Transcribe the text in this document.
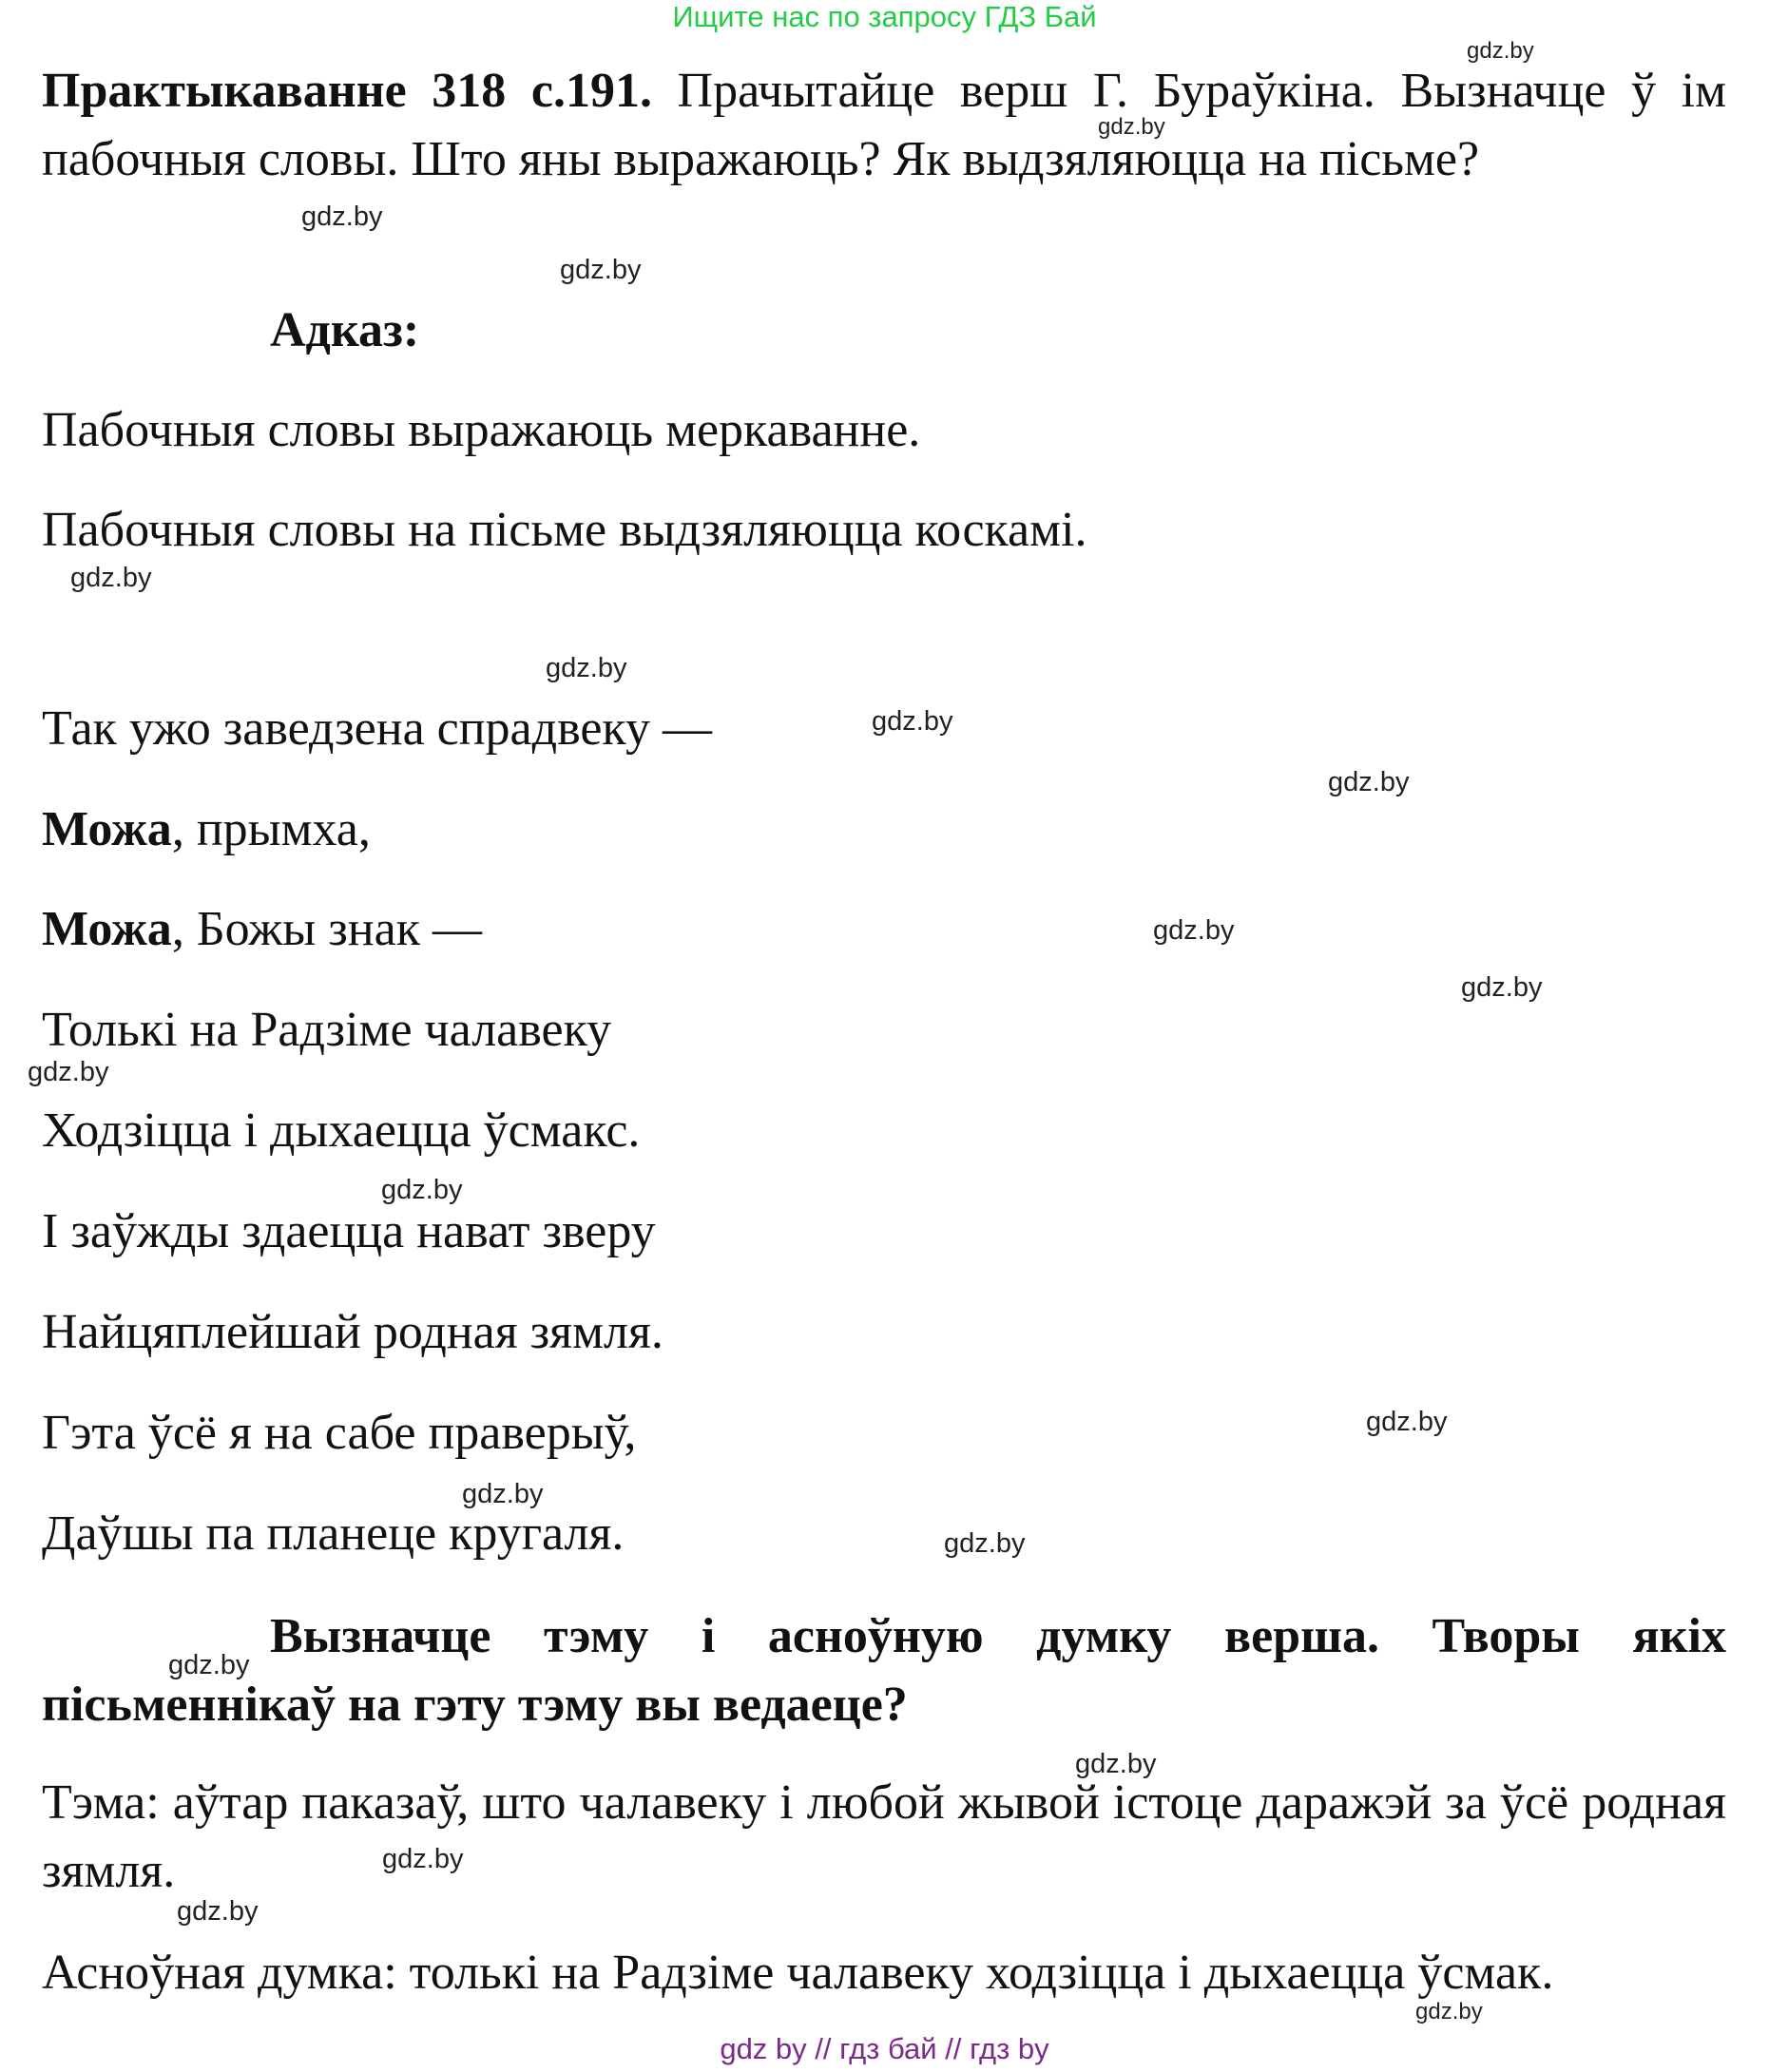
Ищите нас по запросу ГДЗ Бай
Практыкаванне 318 с.191. Прачытайце верш Г. Бураўкіна. Вызначце ў ім пабочныя словы. Што яны выражаюць? Як выдзяляюцца на пісьме?
Адказ:
Пабочныя словы выражаюць меркаванне.
Пабочныя словы на пісьме выдзяляюцца коскамі.
Так ужо заведзена спрадвеку —
Можа, прымха,
Можа, Божы знак —
Толькі на Радзіме чалавеку
Ходзіцца і дыхаецца ўсмакс.
І заўжды здаецца нават зверу
Найцяплейшай родная зямля.
Гэта ўсё я на сабе праверыў,
Даўшы па планеце кругаля.
Вызначце тэму і асноўную думку верша. Творы якіх пісьменнікаў на гэту тэму вы ведаеце?
Тэма: аўтар паказаў, што чалавеку і любой жывой істоце даражэй за ўсё родная зямля.
Асноўная думка: толькі на Радзіме чалавеку ходзіцца і дыхаецца ўсмак.
gdz.by
gdz.by
gdz.by
gdz.by
gdz.by
gdz.by
gdz.by
gdz.by
gdz.by
gdz.by
gdz.by
gdz.by
gdz.by
gdz.by
gdz.by
gdz.by
gdz.by
gdz.by
gdz.by
gdz.by
gdz by // гдз бай // гдз by
